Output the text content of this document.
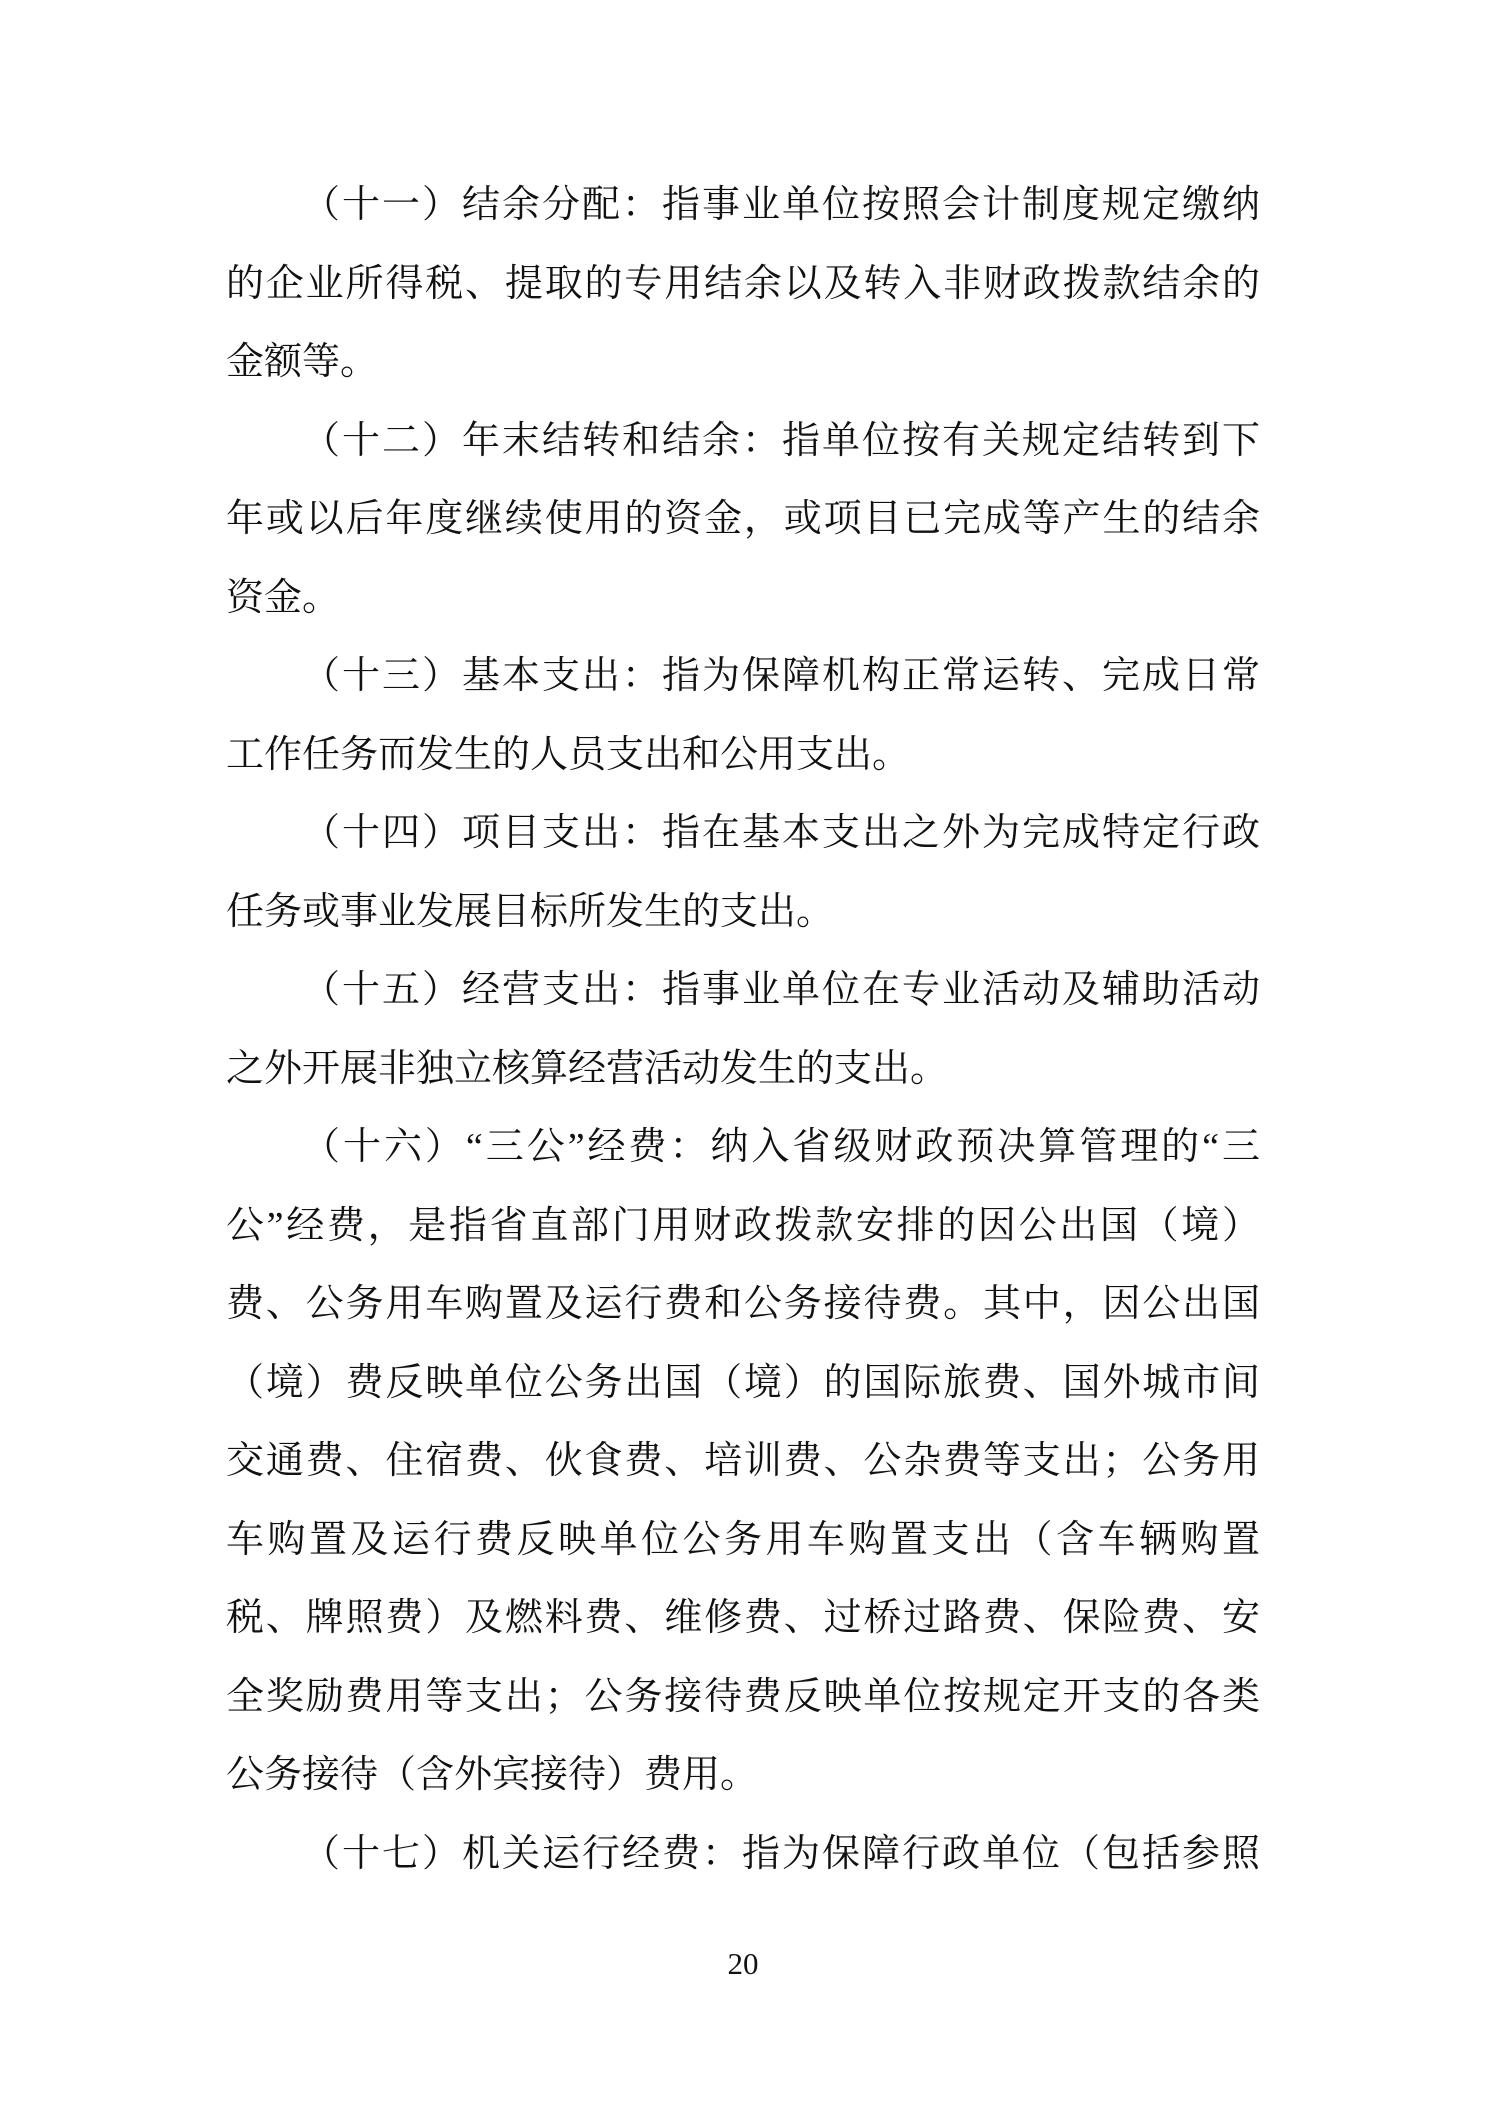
（十一）结余分配：指事业单位按照会计制度规定缴纳
的企业所得税、提取的专用结余以及转入非财政拨款结余的
金额等。
（十二）年末结转和结余：指单位按有关规定结转到下
年或以后年度继续使用的资金，或项目已完成等产生的结余
资金。
（十三）基本支出：指为保障机构正常运转、完成日常
工作任务而发生的人员支出和公用支出。
（十四）项目支出：指在基本支出之外为完成特定行政
任务或事业发展目标所发生的支出。
（十五）经营支出：指事业单位在专业活动及辅助活动
之外开展非独立核算经营活动发生的支出。
（十六）“三公”经费：纳入省级财政预决算管理的“三
公”经费，是指省直部门用财政拨款安排的因公出国（境）
费、公务用车购置及运行费和公务接待费。其中，因公出国
（境）费反映单位公务出国（境）的国际旅费、国外城市间
交通费、住宿费、伙食费、培训费、公杂费等支出；公务用
车购置及运行费反映单位公务用车购置支出（含车辆购置
税、牌照费）及燃料费、维修费、过桥过路费、保险费、安
全奖励费用等支出；公务接待费反映单位按规定开支的各类
公务接待（含外宾接待）费用。
（十七）机关运行经费：指为保障行政单位（包括参照
20
